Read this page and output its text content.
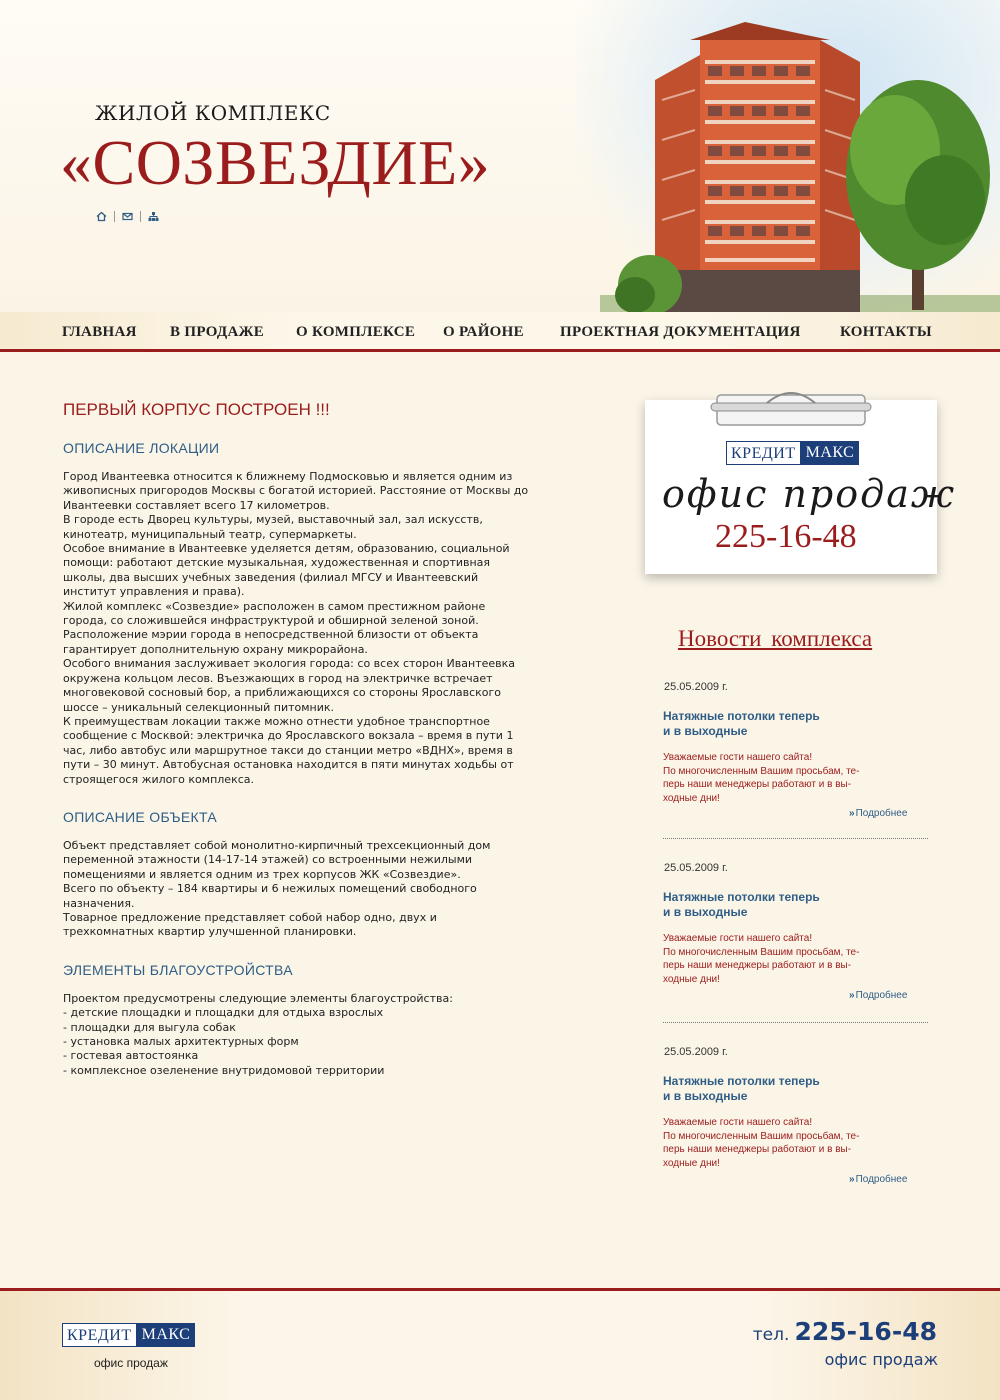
ЖИЛОЙ КОМПЛЕКС
«СОЗВЕЗДИЕ»
ГЛАВНАЯ В ПРОДАЖЕ О КОМПЛЕКСЕ О РАЙОНЕ ПРОЕКТНАЯ ДОКУМЕНТАЦИЯ	КОНТАКТЫ
ПЕРВЫЙ КОРПУС ПОСТРОЕН !!!
ОПИСАНИЕ ЛОКАЦИИ
Город Ивантеевка относится к ближнему Подмосковью и является одним из
живописных пригородов Москвы с богатой историей. Расстояние от Москвы до
Ивантеевки составляет всего 17 километров.
В городе есть Дворец культуры, музей, выставочный зал, зал искусств,
кинотеатр, муниципальный театр, супермаркеты.
Особое внимание в Ивантеевке уделяется детям, образованию, социальной
помощи: работают детские музыкальная, художественная и спортивная
школы, два высших учебных заведения (филиал МГСУ и Ивантеевский
институт управления и права).
Жилой комплекс «Созвездие» расположен в самом престижном районе
города, со сложившейся инфраструктурой и обширной зеленой зоной.
Расположение мэрии города в непосредственной близости от объекта
гарантирует дополнительную охрану микрорайона.
Особого внимания заслуживает экология города: со всех сторон Ивантеевка
окружена кольцом лесов. Въезжающих в город на электричке встречает
многовековой сосновый бор, а приближающихся со стороны Ярославского
шоссе – уникальный селекционный питомник.
К преимуществам локации также можно отнести удобное транспортное
сообщение с Москвой: электричка до Ярославского вокзала – время в пути 1
час, либо автобус или маршрутное такси до станции метро «ВДНХ», время в
пути – 30 минут. Автобусная остановка находится в пяти минутах ходьбы от
строящегося жилого комплекса.
ОПИСАНИЕ ОБЪЕКТА
Объект представляет собой монолитно-кирпичный трехсекционный дом
переменной этажности (14-17-14 этажей) со встроенными нежилыми
помещениями и является одним из трех корпусов ЖК «Созвездие».
Всего по объекту – 184 квартиры и 6 нежилых помещений свободного
назначения.
Товарное предложение представляет собой набор одно, двух и
трехкомнатных квартир улучшенной планировки.
ЭЛЕМЕНТЫ БЛАГОУСТРОЙСТВА
Проектом предусмотрены следующие элементы благоустройства:
- детские площадки и площадки для отдыха взрослых
- площадки для выгула собак
- установка малых архитектурных форм
- гостевая автостоянка
- комплексное озеленение внутридомовой территории
КРЕДИТ МАКС
офис продаж
225-16-48
Новости комплекса
25.05.2009 г.
Натяжные потолки теперь
и в выходные
Уважаемые гости нашего сайта!
По многочисленным Вашим просьбам, те-
перь наши менеджеры работают и в вы-
ходные дни!
»Подробнее
25.05.2009 г.
Натяжные потолки теперь
и в выходные
Уважаемые гости нашего сайта!
По многочисленным Вашим просьбам, те-
перь наши менеджеры работают и в вы-
ходные дни!
»Подробнее
25.05.2009 г.
Натяжные потолки теперь
и в выходные
Уважаемые гости нашего сайта!
По многочисленным Вашим просьбам, те-
перь наши менеджеры работают и в вы-
ходные дни!
»Подробнее
КРЕДИТ МАКС
офис продаж
тел. 225-16-48
офис продаж
